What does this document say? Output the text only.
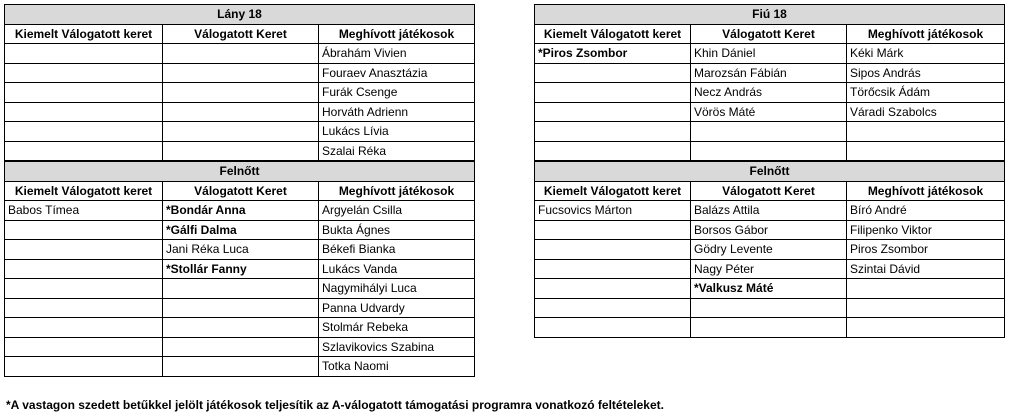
Lány 18		
Kiemelt Válogatott keret	Válogatott Keret	Meghívott játékosok
		Ábrahám Vivien
		Fouraev Anasztázia
		Furák Csenge
		Horváth Adrienn
		Lukács Lívia
		Szalai Réka
Fiú 18		
Kiemelt Válogatott keret	Válogatott Keret	Meghívott játékosok
*Piros Zsombor	Khin Dániel	Kéki Márk
	Marozsán Fábián	Sipos András
	Necz András	Törőcsik Ádám
	Vörös Máté	Váradi Szabolcs

Felnőtt		
Kiemelt Válogatott keret	Válogatott Keret	Meghívott játékosok
Babos Tímea	*Bondár Anna	Argyelán Csilla
	*Gálfi Dalma	Bukta Ágnes
	Jani Réka Luca	Békefi Bianka
	*Stollár Fanny	Lukács Vanda
		Nagymihályi Luca
		Panna Udvardy
		Stolmár Rebeka
		Szlavikovics Szabina
		Totka Naomi
Felnőtt		
Kiemelt Válogatott keret	Válogatott Keret	Meghívott játékosok
Fucsovics Márton	Balázs Attila	Bíró André
	Borsos Gábor	Filipenko Viktor
	Gödry Levente	Piros Zsombor
	Nagy Péter	Szintai Dávid
	*Valkusz Máté	

*A vastagon szedett betűkkel jelölt játékosok teljesítik az A-válogatott támogatási programra vonatkozó feltételeket.
